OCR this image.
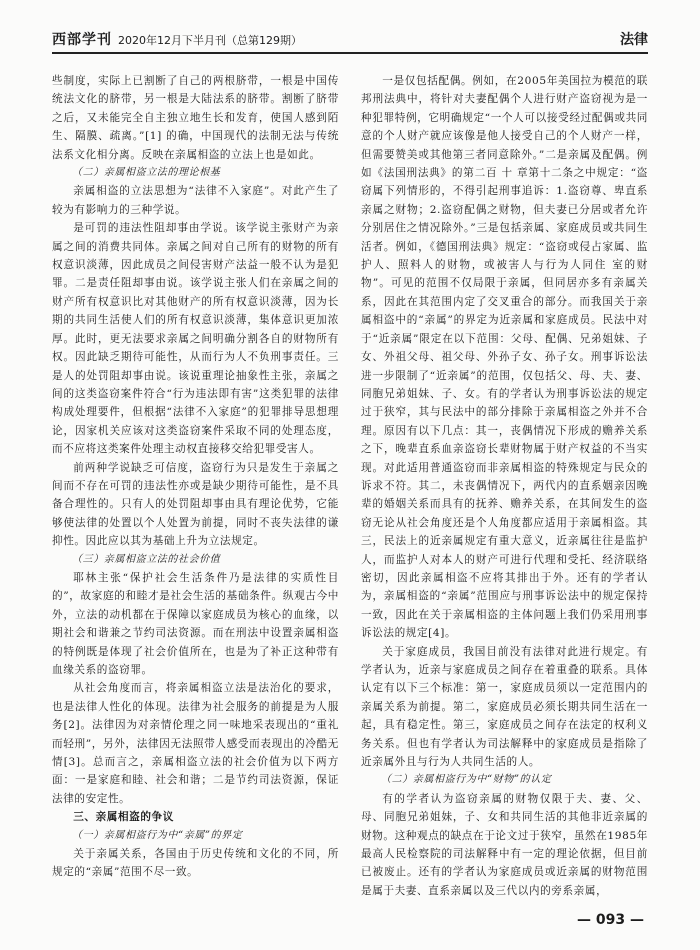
西部学刊 2020年12月下半月刊（总第129期）	法律

些制度，实际上已割断了自己的两根脐带，一根是中国传统法文化的脐带，另一根是大陆法系的脐带。割断了脐带之后，又未能完全自主独立地生长和发育，使国人感到陌生、隔膜、疏离。”[1] 的确，中国现代的法制无法与传统法系文化相分离。反映在亲属相盗的立法上也是如此。

（二）亲属相盗立法的理论根基

亲属相盗的立法思想为“法律不入家庭”。对此产生了较为有影响力的三种学说。

是可罚的违法性阻却事由学说。该学说主张财产为亲属之间的消费共同体。亲属之间对自己所有的财物的所有权意识淡薄，因此成员之间侵害财产法益一般不认为是犯罪。二是责任阻却事由说。该学说主张人们在亲属之间的财产所有权意识比对其他财产的所有权意识淡薄，因为长期的共同生活使人们的所有权意识淡薄，集体意识更加浓厚。此时，更无法要求亲属之间明确分割各自的财物所有权。因此缺乏期待可能性，从而行为人不负刑事责任。三是人的处罚阻却事由说。该说重理论抽象性主张，亲属之间的这类盗窃案件符合“行为违法即有害”这类犯罪的法律构成处理要件，但根据“法律不入家庭”的犯罪排导思想理论，因家机关应该对这类盗窃案件采取不同的处理态度，而不应将这类案件处理主动权直接移交给犯罪受害人。

前两种学说缺乏可信度，盗窃行为只是发生于亲属之间而不存在可罚的违法性亦或是缺少期待可能性，是不具备合理性的。只有人的处罚阻却事由具有理论优势，它能够使法律的处置以个人处置为前提，同时不丧失法律的谦抑性。因此应以其为基础上升为立法规定。

（三）亲属相盗立法的社会价值

耶林主张“保护社会生活条件乃是法律的实质性目的”，故家庭的和睦才是社会生活的基础条件。纵观古今中外，立法的动机都在于保障以家庭成员为核心的血缘，以期社会和谐兼之节约司法资源。而在刑法中设置亲属相盗的特例既是体现了社会价值所在，也是为了补正这种带有血缘关系的盗窃罪。

从社会角度而言，将亲属相盗立法是法治化的要求，也是法律人性化的体现。法律为社会服务的前提是为人服务[2]。法律因为对亲情伦理之同一味地采表现出的“重礼而轻刑”，另外，法律因无法照带人感受而表现出的冷酷无情[3]。总而言之，亲属相盗立法的社会价值为以下两方面：一是家庭和睦、社会和谐；二是节约司法资源，保证法律的安定性。

三、亲属相盗的争议
（一）亲属相盗行为中“亲属”的界定

关于亲属关系，各国由于历史传统和文化的不同，所规定的“亲属”范围不尽一致。

一是仅包括配偶。例如，在2005年美国拉为模范的联邦刑法典中，将针对夫妻配偶个人进行财产盗窃视为是一种犯罪特例，它明确规定“一个人可以接受经过配偶或共同意的个人财产就应该像是他人接受自己的个人财产一样，但需要赞美或其他第三者同意除外。”二是亲属及配偶。例如《法国刑法典》的第二百 十 章第十二条之中规定：“盗窃属下列情形的，不得引起刑事追诉：1.盗窃尊、卑直系亲属之财物；2.盗窃配偶之财物，但夫妻已分居或者允许分别居住之情况除外。”三是包括亲属、家庭成员或共同生活者。例如，《德国刑法典》规定：“盗窃或侵占家属、监护人、照料人的财物，或被害人与行为人同住 室的财物”。可见的范围不仅局限于亲属，但同居亦多有亲属关系，因此在其范围内定了交叉重合的部分。而我国关于亲属相盗中的“亲属”的界定为近亲属和家庭成员。民法中对于“近亲属”限定在以下范围：父母、配偶、兄弟姐妹、子女、外祖父母、祖父母、外孙子女、孙子女。刑事诉讼法进一步限制了“近亲属”的范围，仅包括父、母、夫、妻、同胞兄弟姐妹、子、女。有的学者认为刑事诉讼法的规定过于狭窄，其与民法中的部分排除于亲属相盗之外并不合理。原因有以下几点：其一，丧偶情况下形成的赡养关系之下，晚辈直系血亲盗窃长辈财物属于财产权益的不当实现。对此适用普通盗窃而非亲属相盗的特殊规定与民众的诉求不符。其二，未丧偶情况下，两代内的直系姻亲因晚辈的婚姻关系而具有的抚养、赡养关系，在其间发生的盗窃无论从社会角度还是个人角度都应适用于亲属相盗。其三，民法上的近亲属规定有重大意义，近亲属往往是监护人，而监护人对本人的财产可进行代理和受托、经济联络密切，因此亲属相盗不应将其排出于外。还有的学者认为，亲属相盗的“亲属”范围应与刑事诉讼法中的规定保持一致，因此在关于亲属相盗的主体问题上我们仍采用刑事诉讼法的规定[4]。

关于家庭成员，我国目前没有法律对此进行规定。有学者认为，近亲与家庭成员之间存在着重叠的联系。具体认定有以下三个标准：第一，家庭成员须以一定范围内的亲属关系为前提。第二，家庭成员必须长期共同生活在一起，具有稳定性。第三，家庭成员之间存在法定的权利义务关系。但也有学者认为司法解释中的家庭成员是指除了近亲属外且与行为人共同生活的人。

（二）亲属相盗行为中“财物”的认定

有的学者认为盗窃亲属的财物仅限于夫、妻、父、母、同胞兄弟姐妹，子、女和共同生活的其他非近亲属的财物。这种观点的缺点在于论文过于狭窄，虽然在1985年最高人民检察院的司法解释中有一定的理论依据，但目前已被废止。还有的学者认为家庭成员或近亲属的财物范围是属于夫妻、直系亲属以及三代以内的旁系亲属，

— 093 —
